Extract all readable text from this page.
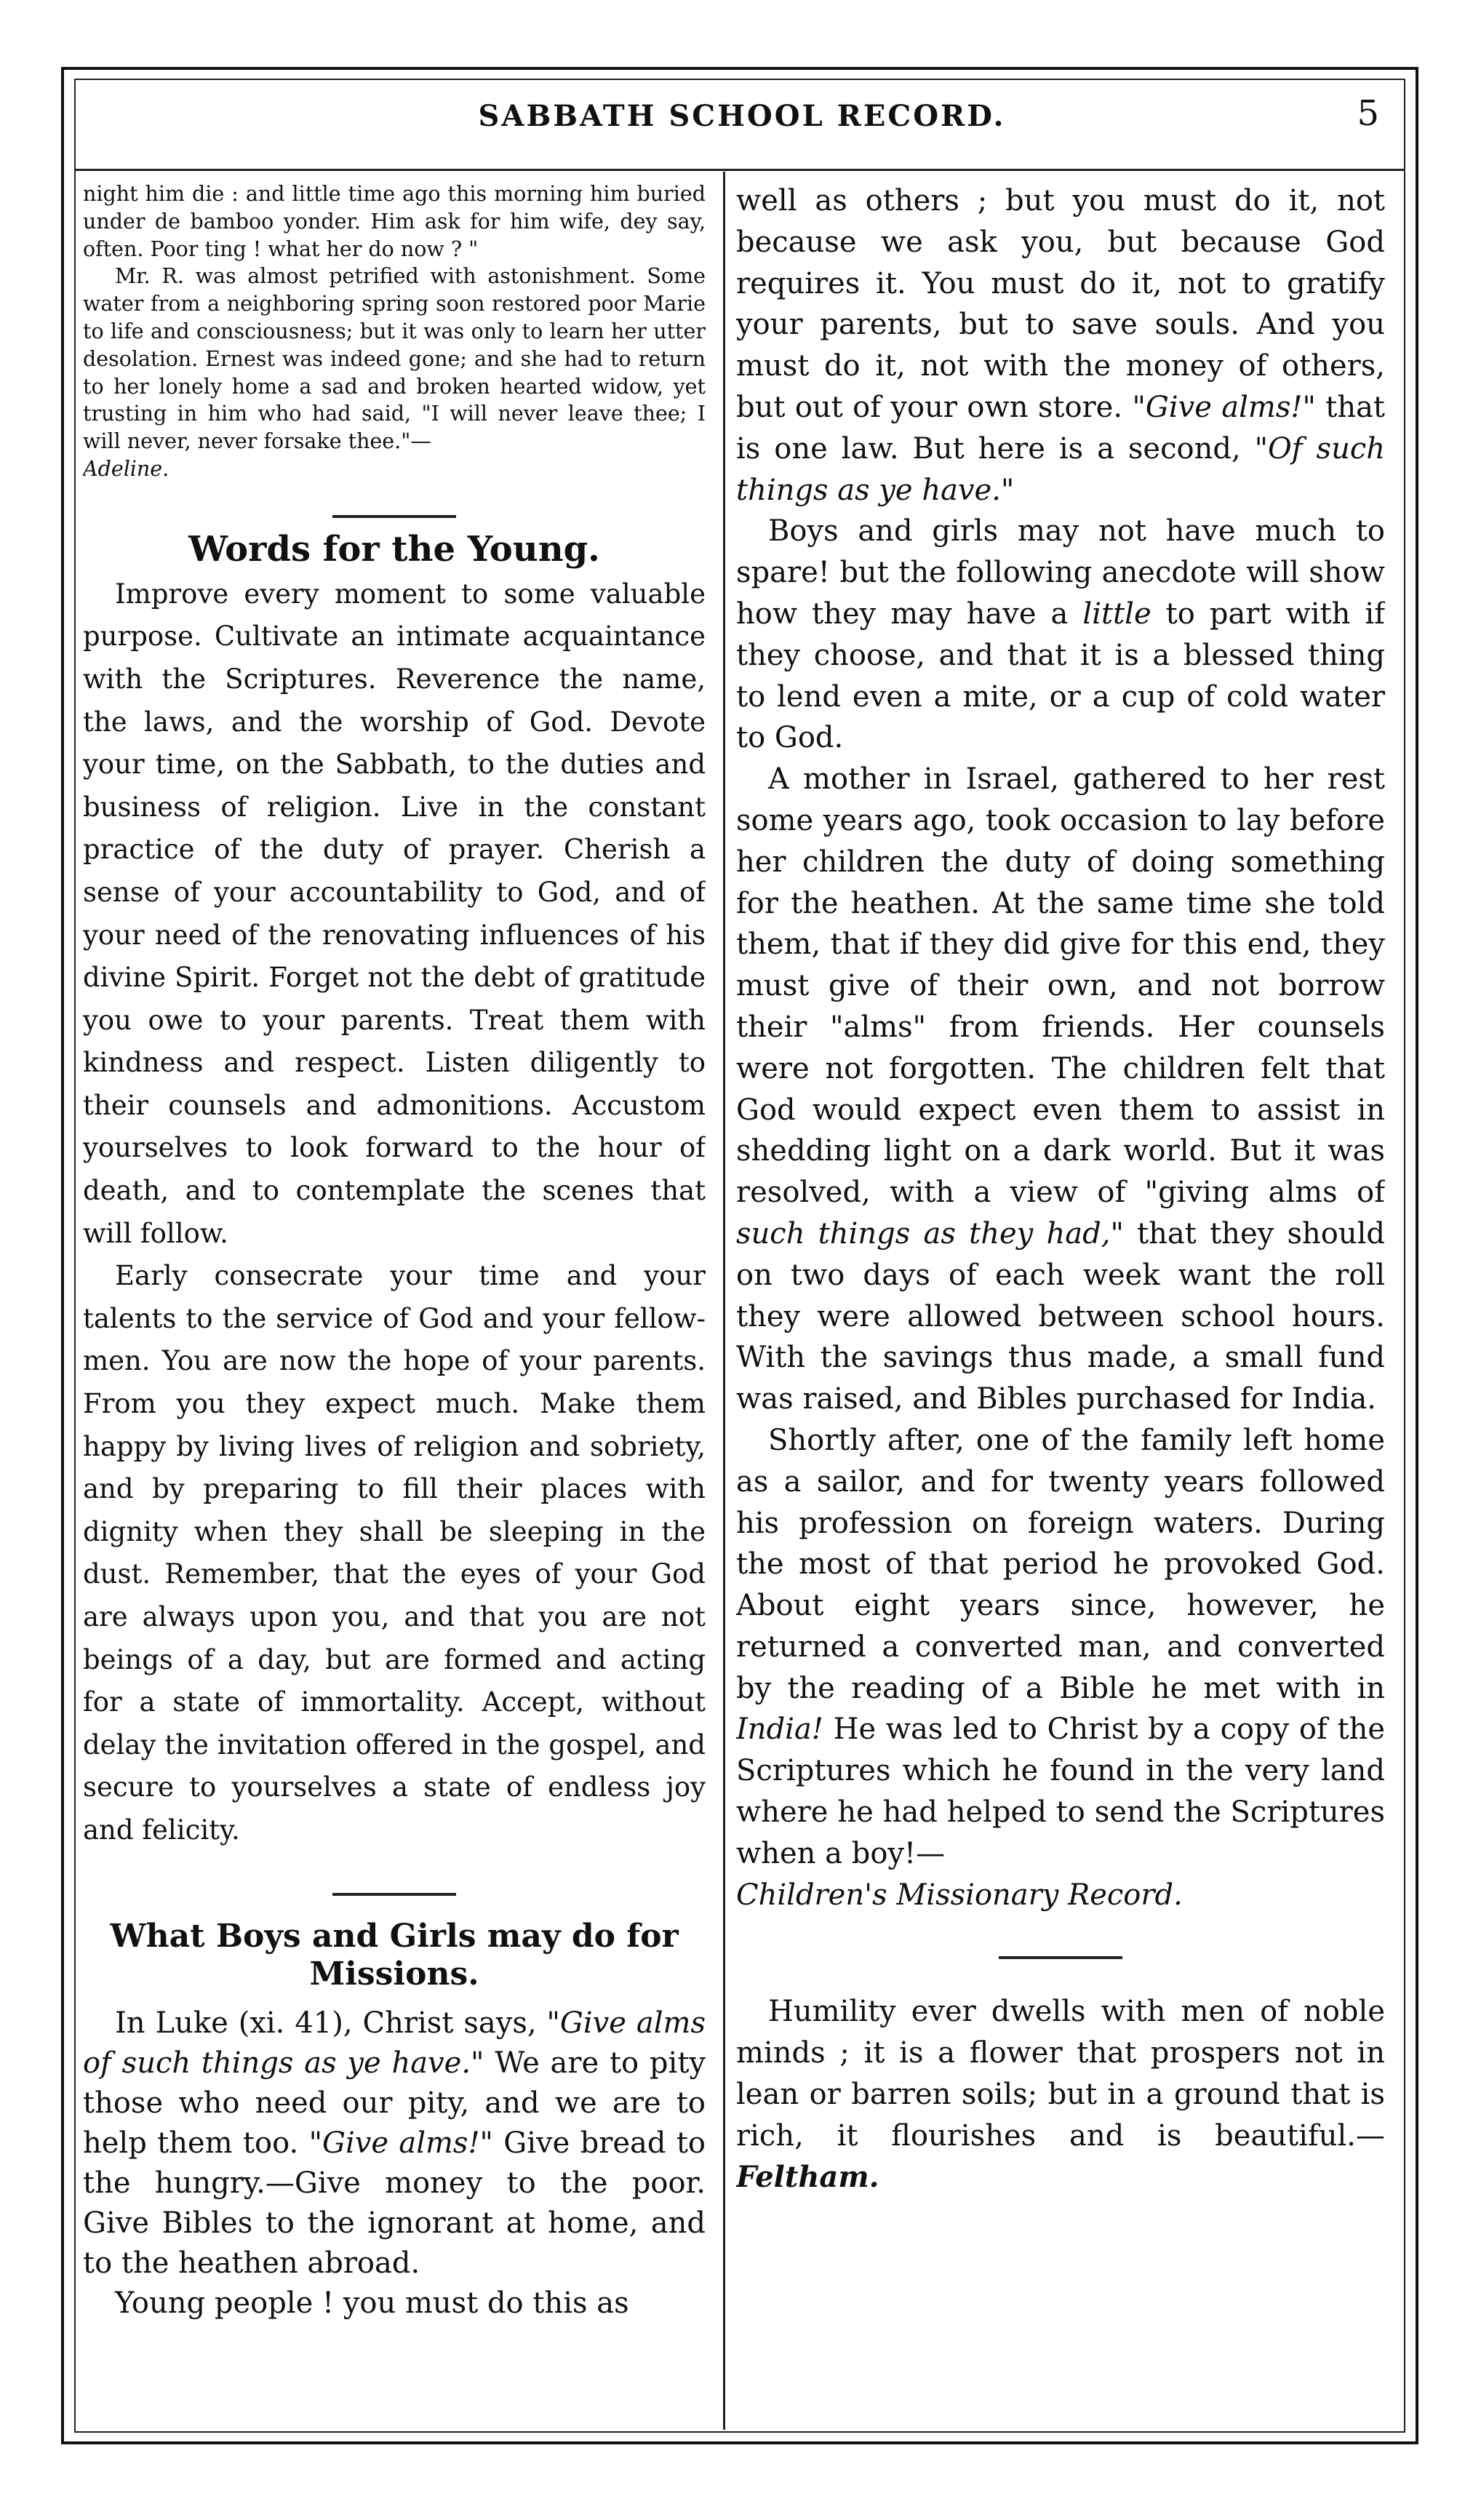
SABBATH SCHOOL RECORD.	5

night him die : and little time ago this morning him buried under de bamboo yonder. Him ask for him wife, dey say, often. Poor ting ! what her do now ? "

Mr. R. was almost petrified with astonishment. Some water from a neighboring spring soon restored poor Marie to life and consciousness; but it was only to learn her utter desolation. Ernest was indeed gone; and she had to return to her lonely home a sad and broken hearted widow, yet trusting in him who had said, "I will never leave thee; I will never, never forsake thee."—
Adeline.

Words for the Young.

Improve every moment to some valuable purpose. Cultivate an intimate acquaintance with the Scriptures. Reverence the name, the laws, and the worship of God. Devote your time, on the Sabbath, to the duties and business of religion. Live in the constant practice of the duty of prayer. Cherish a sense of your accountability to God, and of your need of the renovating influences of his divine Spirit. Forget not the debt of gratitude you owe to your parents. Treat them with kindness and respect. Listen diligently to their counsels and admonitions. Accustom yourselves to look forward to the hour of death, and to contemplate the scenes that will follow.

Early consecrate your time and your talents to the service of God and your fellow-men. You are now the hope of your parents. From you they expect much. Make them happy by living lives of religion and sobriety, and by preparing to fill their places with dignity when they shall be sleeping in the dust. Remember, that the eyes of your God are always upon you, and that you are not beings of a day, but are formed and acting for a state of immortality. Accept, without delay the invitation offered in the gospel, and secure to yourselves a state of endless joy and felicity.

What Boys and Girls may do for
Missions.

In Luke (xi. 41), Christ says, "Give alms of such things as ye have." We are to pity those who need our pity, and we are to help them too. "Give alms!" Give bread to the hungry.—Give money to the poor. Give Bibles to the ignorant at home, and to the heathen abroad.

Young people ! you must do this as

well as others ; but you must do it, not because we ask you, but because God requires it. You must do it, not to gratify your parents, but to save souls. And you must do it, not with the money of others, but out of your own store. "Give alms!" that is one law. But here is a second, "Of such things as ye have."

Boys and girls may not have much to spare! but the following anecdote will show how they may have a little to part with if they choose, and that it is a blessed thing to lend even a mite, or a cup of cold water to God.

A mother in Israel, gathered to her rest some years ago, took occasion to lay before her children the duty of doing something for the heathen. At the same time she told them, that if they did give for this end, they must give of their own, and not borrow their "alms" from friends. Her counsels were not forgotten. The children felt that God would expect even them to assist in shedding light on a dark world. But it was resolved, with a view of "giving alms of such things as they had," that they should on two days of each week want the roll they were allowed between school hours. With the savings thus made, a small fund was raised, and Bibles purchased for India.

Shortly after, one of the family left home as a sailor, and for twenty years followed his profession on foreign waters. During the most of that period he provoked God. About eight years since, however, he returned a converted man, and converted by the reading of a Bible he met with in India! He was led to Christ by a copy of the Scriptures which he found in the very land where he had helped to send the Scriptures when a boy!—
Children's Missionary Record.

Humility ever dwells with men of noble minds ; it is a flower that prospers not in lean or barren soils; but in a ground that is rich, it flourishes and is beautiful.—Feltham.
